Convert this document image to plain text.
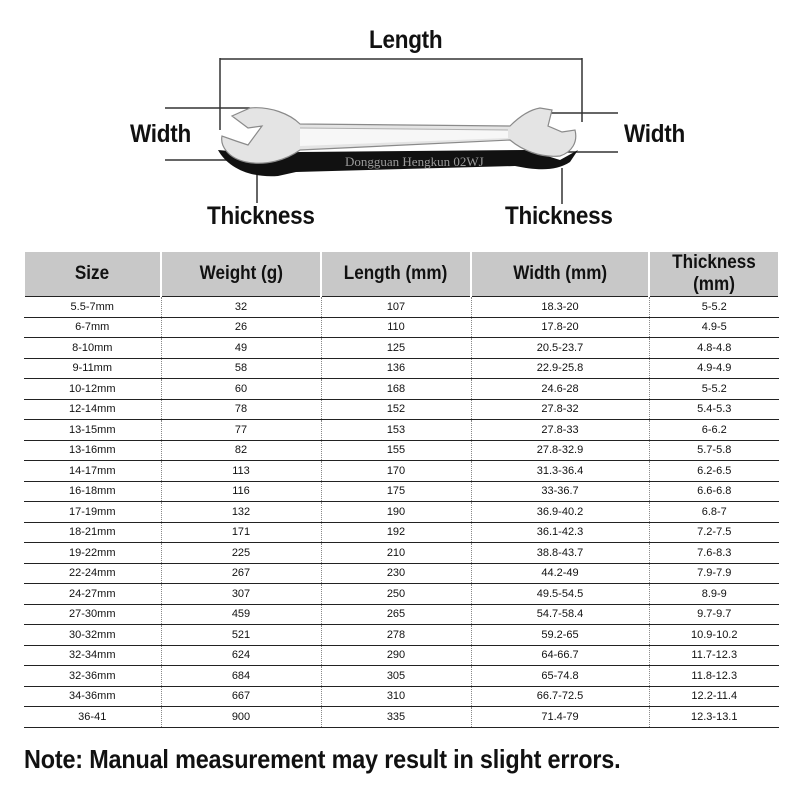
Length
Width	Width
Thickness	Thickness
Dongguan Hengkun 02WJ
Size	Weight (g)	Length (mm)	Width (mm)	Thickness (mm)
5.5-7mm	32	107	18.3-20	5-5.2
6-7mm	26	110	17.8-20	4.9-5
8-10mm	49	125	20.5-23.7	4.8-4.8
9-11mm	58	136	22.9-25.8	4.9-4.9
10-12mm	60	168	24.6-28	5-5.2
12-14mm	78	152	27.8-32	5.4-5.3
13-15mm	77	153	27.8-33	6-6.2
13-16mm	82	155	27.8-32.9	5.7-5.8
14-17mm	113	170	31.3-36.4	6.2-6.5
16-18mm	116	175	33-36.7	6.6-6.8
17-19mm	132	190	36.9-40.2	6.8-7
18-21mm	171	192	36.1-42.3	7.2-7.5
19-22mm	225	210	38.8-43.7	7.6-8.3
22-24mm	267	230	44.2-49	7.9-7.9
24-27mm	307	250	49.5-54.5	8.9-9
27-30mm	459	265	54.7-58.4	9.7-9.7
30-32mm	521	278	59.2-65	10.9-10.2
32-34mm	624	290	64-66.7	11.7-12.3
32-36mm	684	305	65-74.8	11.8-12.3
34-36mm	667	310	66.7-72.5	12.2-11.4
36-41	900	335	71.4-79	12.3-13.1
Note: Manual measurement may result in slight errors.
